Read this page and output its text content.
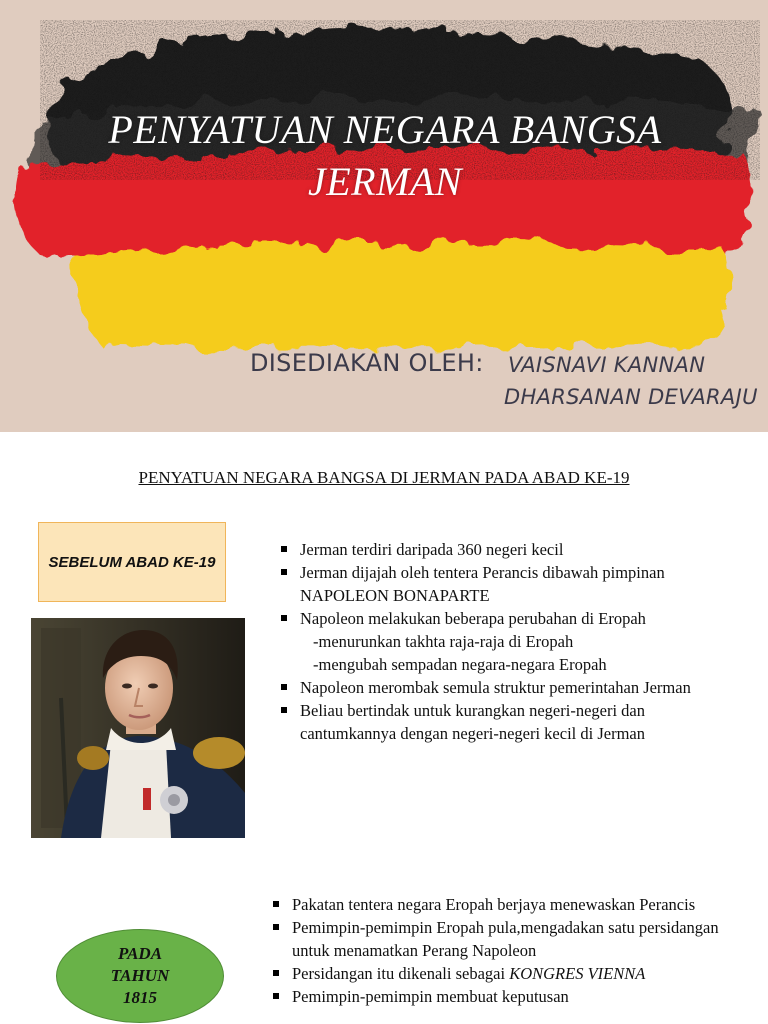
PENYATUAN NEGARA BANGSA
JERMAN
DISEDIAKAN OLEH: VAISNAVI KANNAN
DHARSANAN DEVARAJU
PENYATUAN NEGARA BANGSA DI JERMAN PADA ABAD KE-19
SEBELUM ABAD KE-19
Jerman terdiri daripada 360 negeri kecil
Jerman dijajah oleh tentera Perancis dibawah pimpinan NAPOLEON BONAPARTE
Napoleon melakukan beberapa perubahan di Eropah
-menurunkan takhta raja-raja di Eropah
-mengubah sempadan negara-negara Eropah
Napoleon merombak semula struktur pemerintahan Jerman
Beliau bertindak untuk kurangkan negeri-negeri dan cantumkannya dengan negeri-negeri kecil di Jerman
PADA
TAHUN
1815
Pakatan tentera negara Eropah berjaya menewaskan Perancis
Pemimpin-pemimpin Eropah pula,mengadakan satu persidangan untuk menamatkan Perang Napoleon
Persidangan itu dikenali sebagai KONGRES VIENNA
Pemimpin-pemimpin membuat keputusan
